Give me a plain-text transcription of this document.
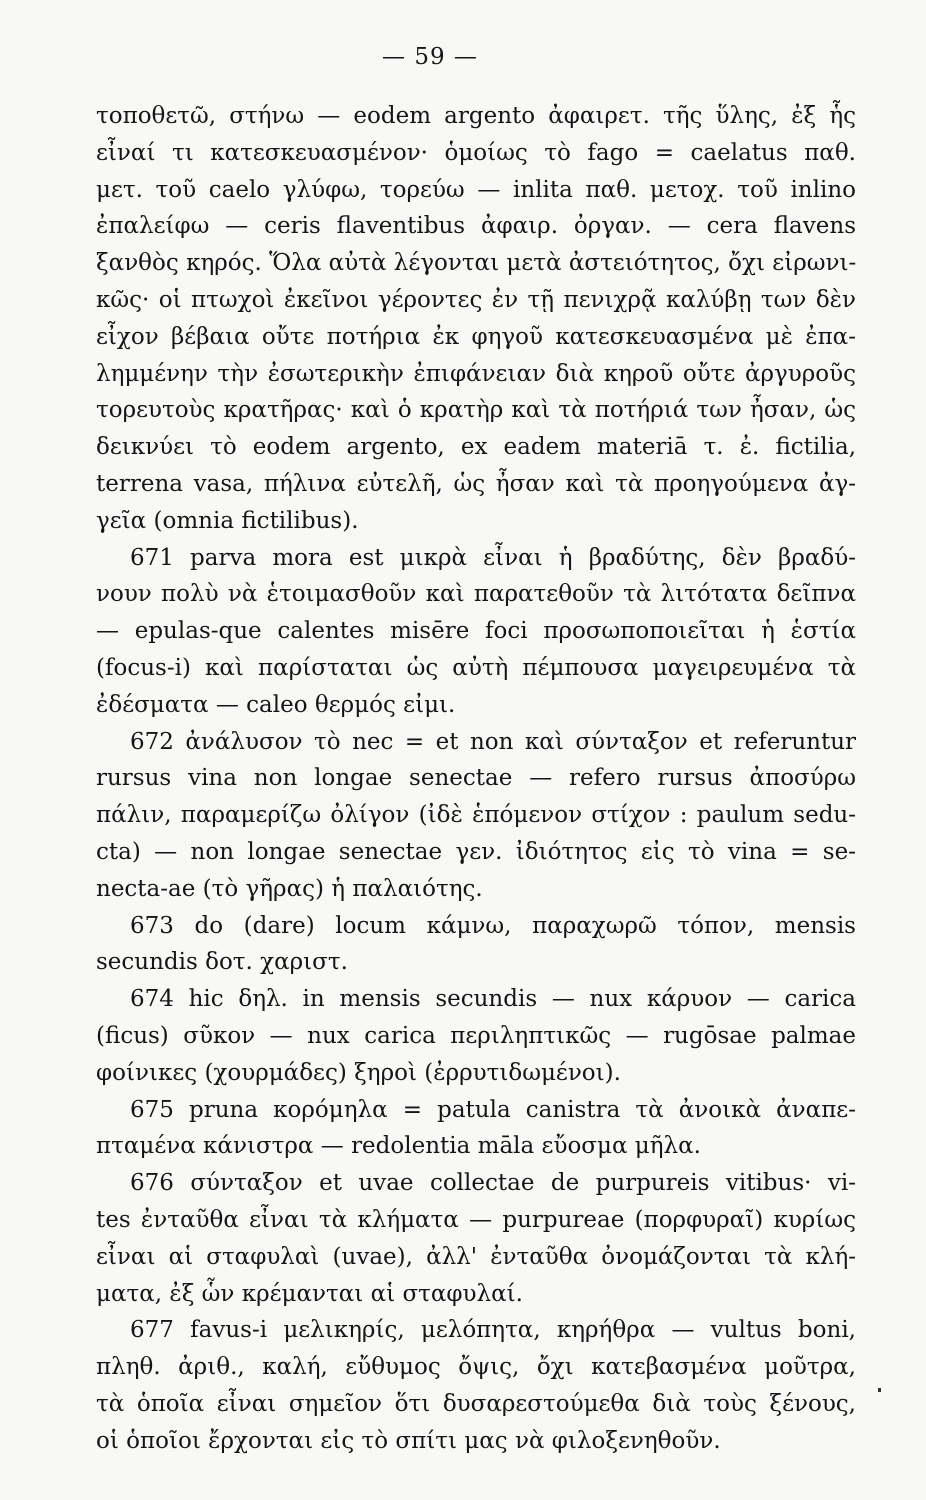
— 59 —
τοποθετῶ, στήνω — eodem argento ἀφαιρετ. τῆς ὕλης, ἐξ ἧς
εἶναί τι κατεσκευασμένον· ὁμοίως τὸ fago = caelatus παθ.
μετ. τοῦ caelo γλύφω, τορεύω — inlita παθ. μετοχ. τοῦ inlino
ἐπαλείφω — ceris flaventibus ἀφαιρ. ὀργαν. — cera flavens
ξανθὸς κηρός. Ὅλα αὐτὰ λέγονται μετὰ ἀστειότητος, ὄχι εἰρωνι-
κῶς· οἱ πτωχοὶ ἐκεῖνοι γέροντες ἐν τῇ πενιχρᾷ καλύβῃ των δὲν
εἶχον βέβαια οὔτε ποτήρια ἐκ φηγοῦ κατεσκευασμένα μὲ ἐπα-
λημμένην τὴν ἐσωτερικὴν ἐπιφάνειαν διὰ κηροῦ οὔτε ἀργυροῦς
τορευτοὺς κρατῆρας· καὶ ὁ κρατὴρ καὶ τὰ ποτήριά των ἦσαν, ὡς
δεικνύει τὸ eodem argento, ex eadem materiā τ. ἐ. fictilia,
terrena vasa, πήλινα εὐτελῆ, ὡς ἦσαν καὶ τὰ προηγούμενα ἀγ-
γεῖα (omnia fictilibus).
671 parva mora est μικρὰ εἶναι ἡ βραδύτης, δὲν βραδύ-
νουν πολὺ νὰ ἑτοιμασθοῦν καὶ παρατεθοῦν τὰ λιτότατα δεῖπνα
— epulas-que calentes misēre foci προσωποποιεῖται ἡ ἑστία
(focus-i) καὶ παρίσταται ὡς αὐτὴ πέμπουσα μαγειρευμένα τὰ
ἐδέσματα — caleo θερμός εἰμι.
672 ἀνάλυσον τὸ nec = et non καὶ σύνταξον et referuntur
rursus vina non longae senectae — refero rursus ἀποσύρω
πάλιν, παραμερίζω ὀλίγον (ἰδὲ ἑπόμενον στίχον : paulum sedu-
cta) — non longae senectae γεν. ἰδιότητος εἰς τὸ vina = se-
necta-ae (τὸ γῆρας) ἡ παλαιότης.
673 do (dare) locum κάμνω, παραχωρῶ τόπον, mensis
secundis δοτ. χαριστ.
674 hic δηλ. in mensis secundis — nux κάρυον — carica
(ficus) σῦκον — nux carica περιληπτικῶς — rugōsae palmae
φοίνικες (χουρμάδες) ξηροὶ (ἐρρυτιδωμένοι).
675 prunа κορόμηλα = patula canistra τὰ ἀνοικὰ ἀναπε-
πταμένα κάνιστρα — redolentia māla εὔοσμα μῆλα.
676 σύνταξον et uvae collectae de purpureis vitibus· vi-
tes ἐνταῦθα εἶναι τὰ κλήματα — purpureae (πορφυραῖ) κυρίως
εἶναι αἱ σταφυλαὶ (uvae), ἀλλ' ἐνταῦθα ὀνομάζονται τὰ κλή-
ματα, ἐξ ὧν κρέμανται αἱ σταφυλαί.
677 favus-i μελικηρίς, μελόπητα, κηρήθρα — vultus boni,
πληθ. ἀριθ., καλή, εὔθυμος ὄψις, ὄχι κατεβασμένα μοῦτρα,
τὰ ὁποῖα εἶναι σημεῖον ὅτι δυσαρεστούμεθα διὰ τοὺς ξένους,
οἱ ὁποῖοι ἔρχονται εἰς τὸ σπίτι μας νὰ φιλοξενηθοῦν.
